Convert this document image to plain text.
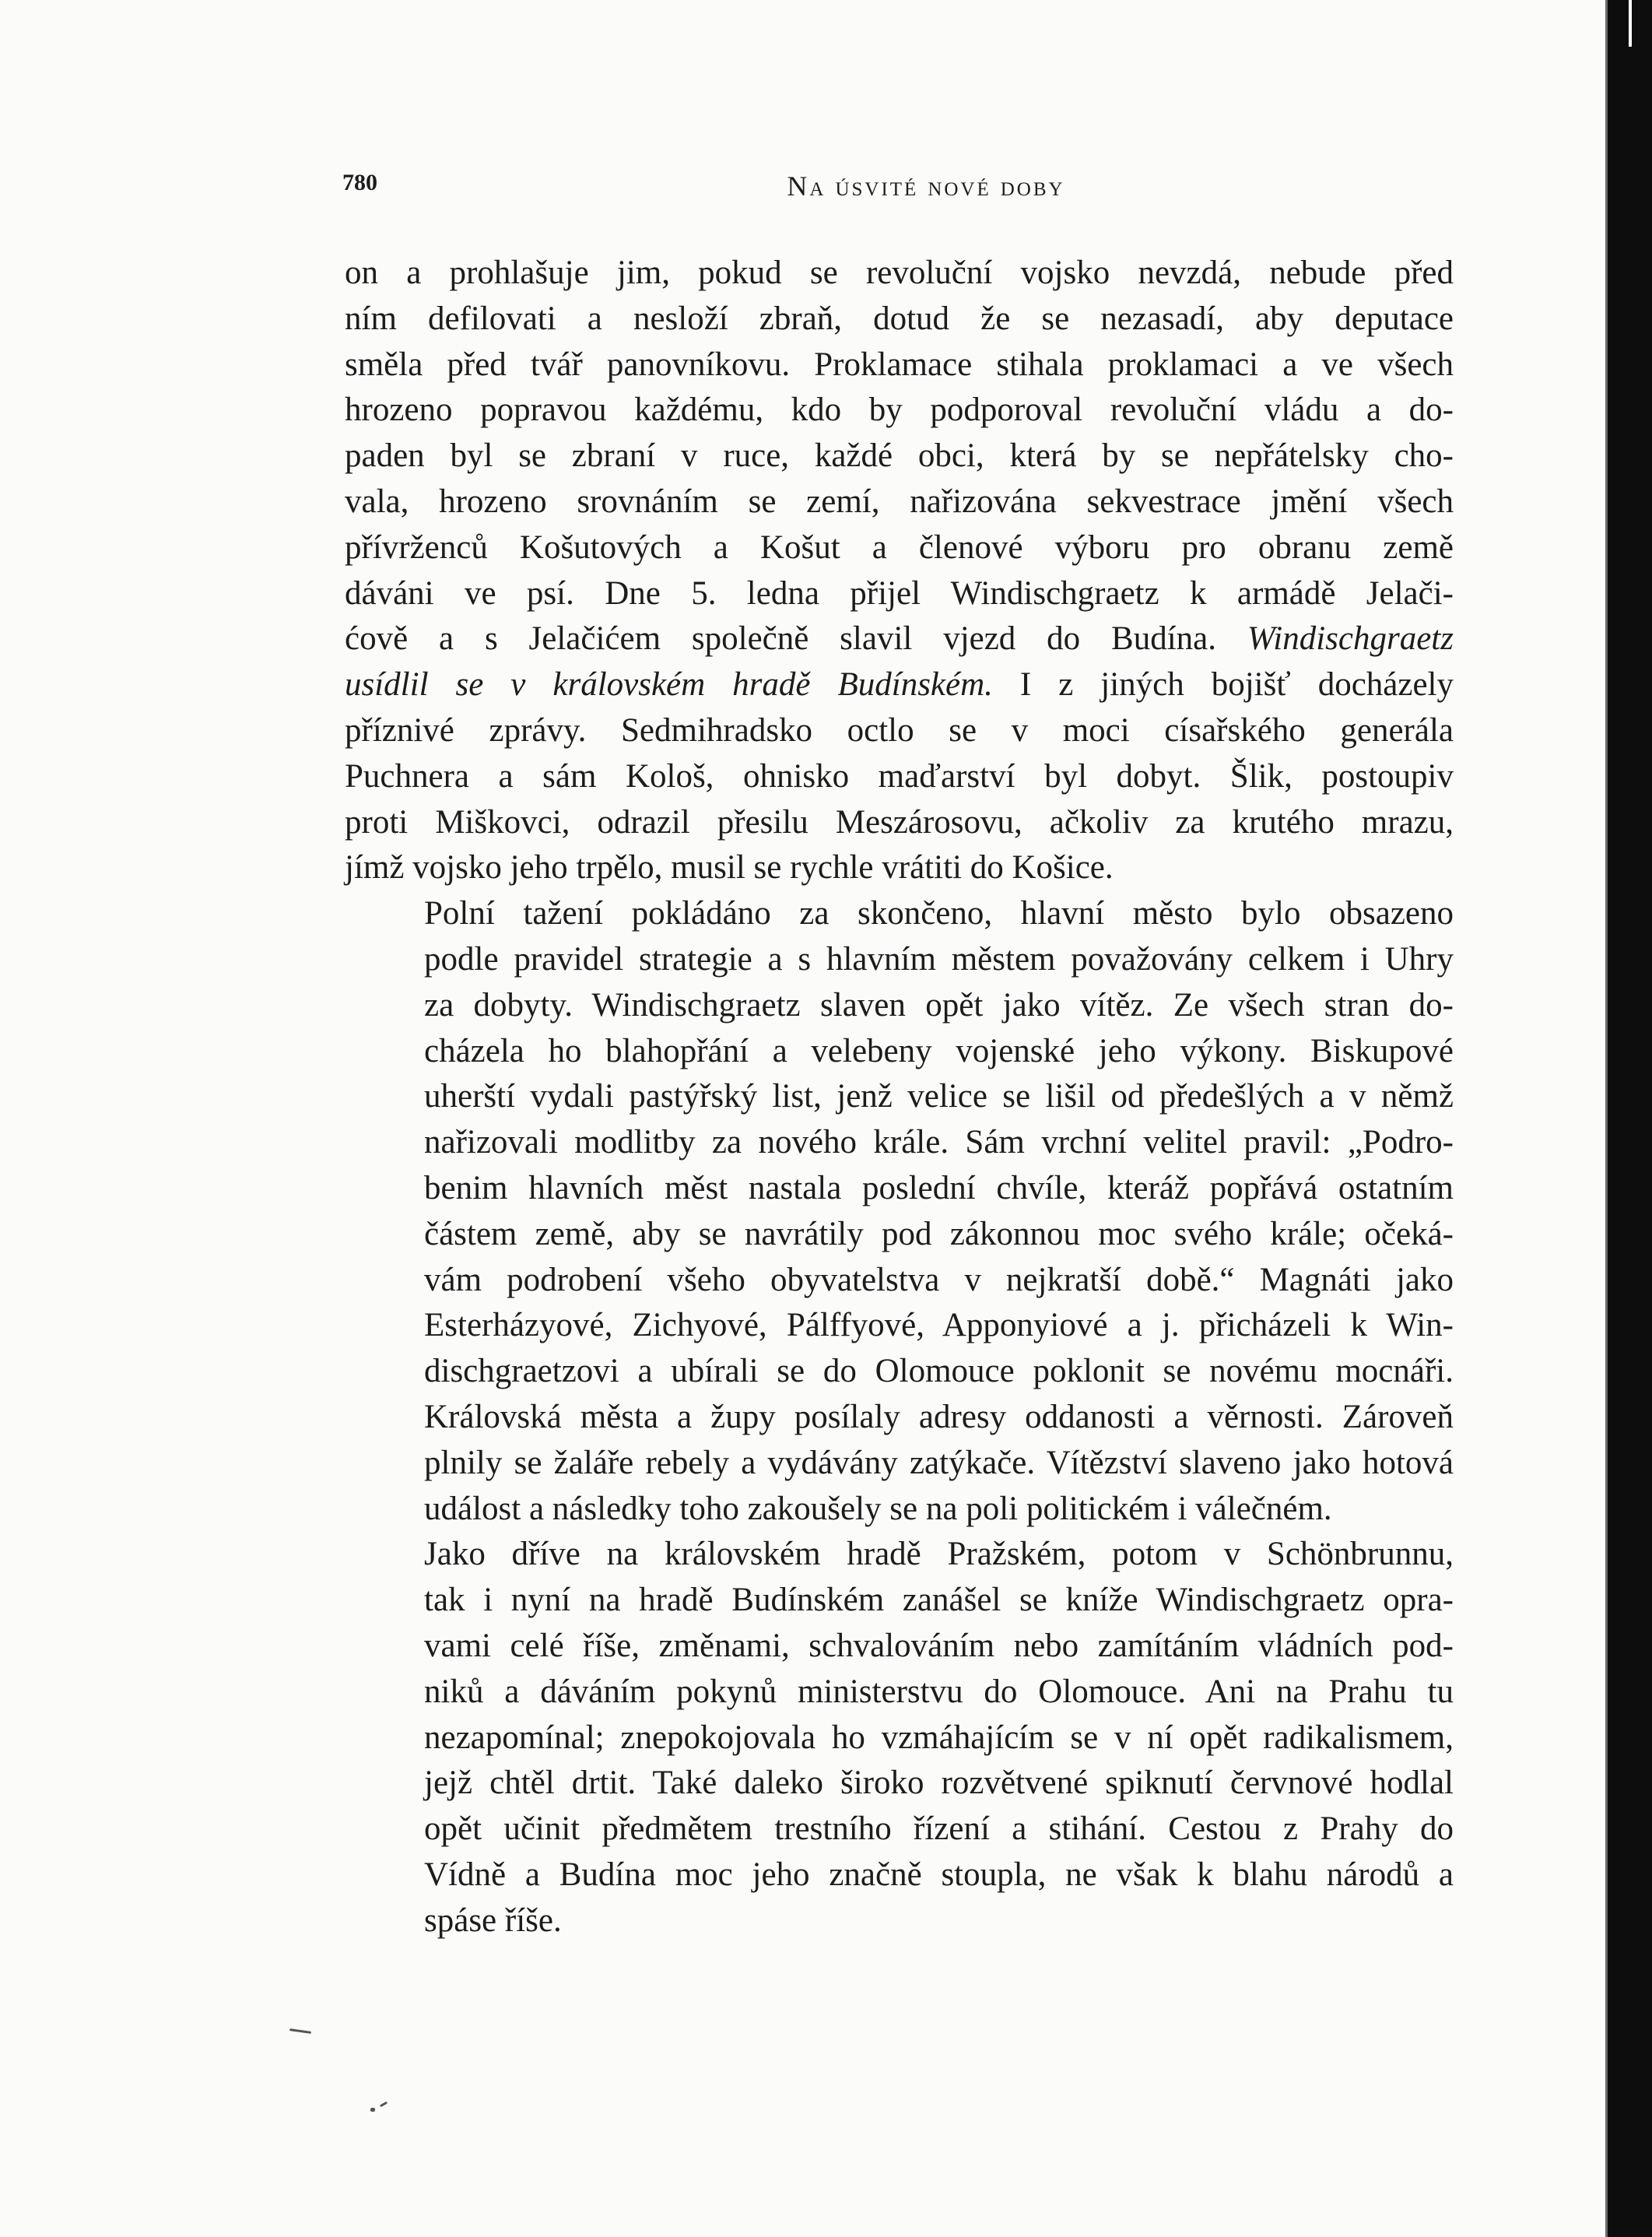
780	Na úsvité nové doby

on a prohlašuje jim, pokud se revoluční vojsko nevzdá, nebude před
ním defilovati a nesloží zbraň, dotud že se nezasadí, aby deputace
směla před tvář panovníkovu. Proklamace stihala proklamaci a ve všech
hrozeno popravou každému, kdo by podporoval revoluční vládu a do-
paden byl se zbraní v ruce, každé obci, která by se nepřátelsky cho-
vala, hrozeno srovnáním se zemí, nařizována sekvestrace jmění všech
přívrženců Košutových a Košut a členové výboru pro obranu země
dáváni ve psí. Dne 5. ledna přijel Windischgraetz k armádě Jelači-
ćově a s Jelačićem společně slavil vjezd do Budína. Windischgraetz
usídlil se v královském hradě Budínském. I z jiných bojišť docházely
příznivé zprávy. Sedmihradsko octlo se v moci císařského generála
Puchnera a sám Kološ, ohnisko maďarství byl dobyt. Šlik, postoupiv
proti Miškovci, odrazil přesilu Meszárosovu, ačkoliv za krutého mrazu,
jímž vojsko jeho trpělo, musil se rychle vrátiti do Košice.

Polní tažení pokládáno za skončeno, hlavní město bylo obsazeno
podle pravidel strategie a s hlavním městem považovány celkem i Uhry
za dobyty. Windischgraetz slaven opět jako vítěz. Ze všech stran do-
cházela ho blahopřání a velebeny vojenské jeho výkony. Biskupové
uherští vydali pastýřský list, jenž velice se lišil od předešlých a v němž
nařizovali modlitby za nového krále. Sám vrchní velitel pravil: „Podro-
benim hlavních měst nastala poslední chvíle, kteráž popřává ostatním
částem země, aby se navrátily pod zákonnou moc svého krále; očeká-
vám podrobení všeho obyvatelstva v nejkratší době.“ Magnáti jako
Esterházyové, Zichyové, Pálffyové, Apponyiové a j. přicházeli k Win-
dischgraetzovi a ubírali se do Olomouce poklonit se novému mocnáři.
Královská města a župy posílaly adresy oddanosti a věrnosti. Zároveň
plnily se žaláře rebely a vydávány zatýkače. Vítězství slaveno jako hotová
událost a následky toho zakoušely se na poli politickém i válečném.

Jako dříve na královském hradě Pražském, potom v Schönbrunnu,
tak i nyní na hradě Budínském zanášel se kníže Windischgraetz opra-
vami celé říše, změnami, schvalováním nebo zamítáním vládních pod-
niků a dáváním pokynů ministerstvu do Olomouce. Ani na Prahu tu
nezapomínal; znepokojovala ho vzmáhajícím se v ní opět radikalismem,
jejž chtěl drtit. Také daleko široko rozvětvené spiknutí červnové hodlal
opět učinit předmětem trestního řízení a stihání. Cestou z Prahy do
Vídně a Budína moc jeho značně stoupla, ne však k blahu národů a
spáse říše.
